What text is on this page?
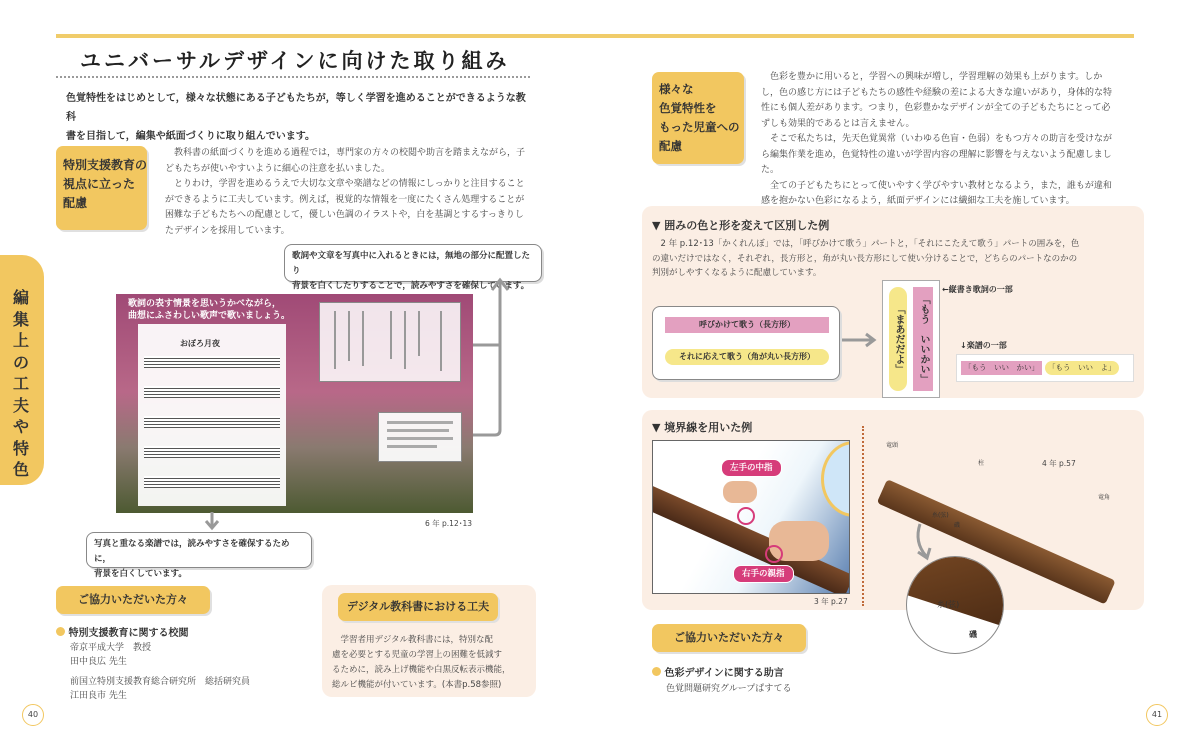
ユニバーサルデザインに向けた取り組み
色覚特性をはじめとして，様々な状態にある子どもたちが，等しく学習を進めることができるような教科
書を目指して，編集や紙面づくりに取り組んでいます。
特別支援教育の
視点に立った
配慮

教科書の紙面づくりを進める過程では，専門家の方々の校閲や助言を踏まえながら，子どもたちが使いやすいように細心の注意を払いました。

とりわけ，学習を進めるうえで大切な文章や楽譜などの情報にしっかりと注目することができるように工夫しています。例えば，視覚的な情報を一度にたくさん処理することが困難な子どもたちへの配慮として，優しい色調のイラストや，白を基調とするすっきりしたデザインを採用しています。

編集上の工夫や特色
歌詞や文章を写真中に入れるときには，無地の部分に配置したり
背景を白くしたりすることで，読みやすさを確保しています。
歌詞の表す情景を思いうかべながら，
曲想にふさわしい歌声で歌いましょう。
おぼろ月夜
6 年 p.12･13
写真と重なる楽譜では，読みやすさを確保するために，
背景を白くしています。
ご協力いただいた方々
特別支援教育に関する校閲
帝京平成大学　教授
田中良広 先生
前国立特別支援教育総合研究所　総括研究員
江田良市 先生
デジタル教科書における工夫
学習者用デジタル教科書には，特別な配
慮を必要とする児童の学習上の困難を低減す
るために，読み上げ機能や白黒反転表示機能，
総ルビ機能が付いています。(本書p.58参照)
40
様々な
色覚特性を
もった児童への
配慮

色彩を豊かに用いると，学習への興味が増し，学習理解の効果も上がります。しかし，色の感じ方には子どもたちの感性や経験の差による大きな違いがあり，身体的な特性にも個人差があります。つまり，色彩豊かなデザインが全ての子どもたちにとって必ずしも効果的であるとは言えません。

そこで私たちは，先天色覚異常（いわゆる色盲・色弱）をもつ方々の助言を受けながら編集作業を進め，色覚特性の違いが学習内容の理解に影響を与えないよう配慮しました。

全ての子どもたちにとって使いやすく学びやすい教材となるよう，また，誰もが違和感を抱かない色彩になるよう，紙面デザインには繊細な工夫を施しています。

▼ 囲みの色と形を変えて区別した例
2 年 p.12･13「かくれんぼ」では，「呼びかけて歌う」パートと，「それにこたえて歌う」パートの囲みを，色
の違いだけではなく，それぞれ，長方形と，角が丸い長方形にして使い分けることで，どちらのパートなのかの
判別がしやすくなるように配慮しています。
呼びかけて歌う（長方形）
それに応えて歌う（角が丸い長方形）	「まあだだよ」	「もう　いいかい」
←縦書き歌詞の一部
↓楽譜の一部
「もう　いい　かい」	「もう　いい　よ」
▼ 境界線を用いた例
左手の中指
右手の親指
3 年 p.27
4 年 p.57
竜頭
柱
竜角
糸(弦)
磯
糸(弦)
磯
ご協力いただいた方々
色彩デザインに関する助言
色覚問題研究グループぱすてる
41
